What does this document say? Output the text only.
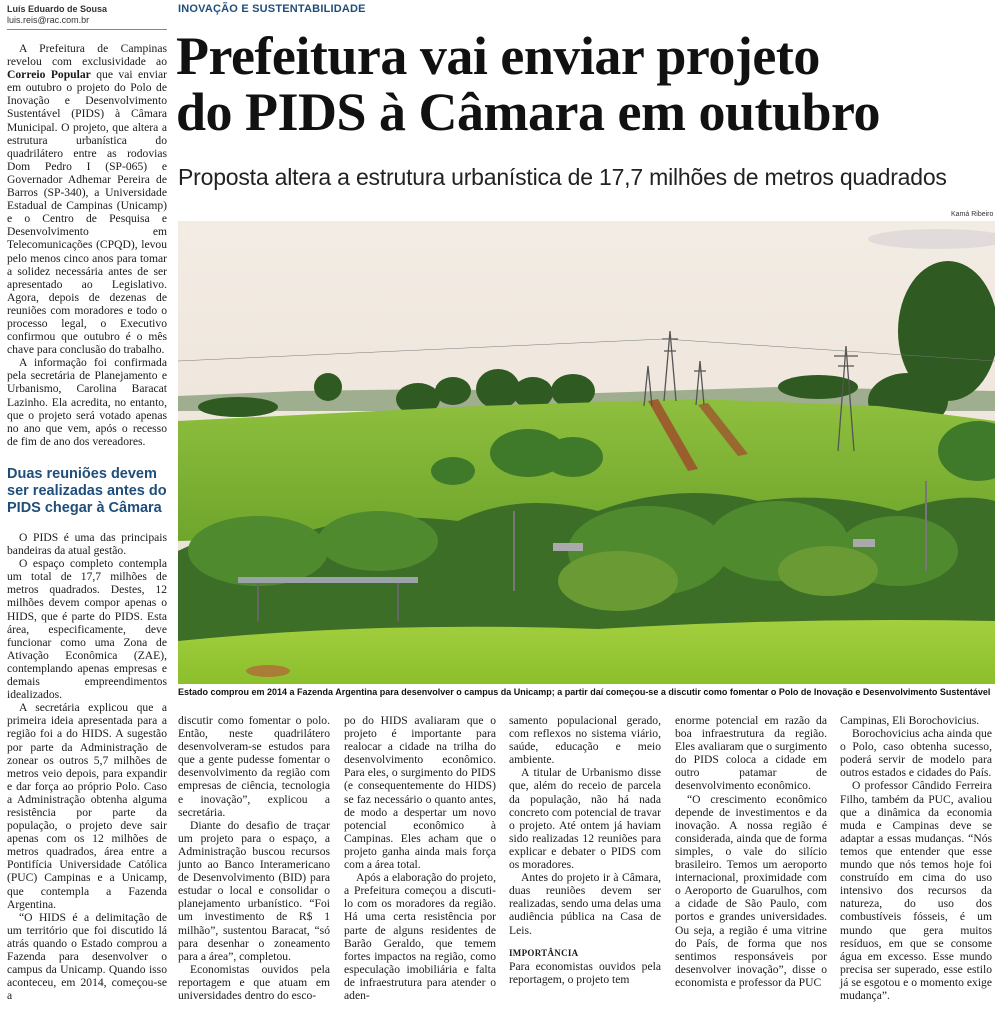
Luís Eduardo de Sousa
luis.reis@rac.com.br
INOVAÇÃO E SUSTENTABILIDADE
Prefeitura vai enviar projeto
do PIDS à Câmara em outubro
Proposta altera a estrutura urbanística de 17,7 milhões de metros quadrados
Kamá Ribeiro
Estado comprou em 2014 a Fazenda Argentina para desenvolver o campus da Unicamp; a partir daí começou-se a discutir como fomentar o Polo de Inovação e Desenvolvimento Sustentável

A Prefeitura de Campinas revelou com exclusividade ao Correio Popular que vai enviar em outubro o projeto do Polo de Inovação e Desenvolvimento Sustentável (PIDS) à Câmara Municipal. O projeto, que altera a estrutura urbanística do quadrilátero entre as rodovias Dom Pedro I (SP-065) e Governador Adhemar Pereira de Barros (SP-340), a Universidade Estadual de Campinas (Unicamp) e o Centro de Pesquisa e Desenvolvimento em Telecomunicações (CPQD), levou pelo menos cinco anos para tomar a solidez necessária antes de ser apresentado ao Legislativo. Agora, depois de dezenas de reuniões com moradores e todo o processo legal, o Executivo confirmou que outubro é o mês chave para conclusão do trabalho.

A informação foi confirmada pela secretária de Planejamento e Urbanismo, Carolina Baracat Lazinho. Ela acredita, no entanto, que o projeto será votado apenas no ano que vem, após o recesso de fim de ano dos vereadores.

Duas reuniões devem ser realizadas antes do PIDS chegar à Câmara

O PIDS é uma das principais bandeiras da atual gestão.

O espaço completo contempla um total de 17,7 milhões de metros quadrados. Destes, 12 milhões devem compor apenas o HIDS, que é parte do PIDS. Esta área, especificamente, deve funcionar como uma Zona de Ativação Econômica (ZAE), contemplando apenas empresas e demais empreendimentos idealizados.

A secretária explicou que a primeira ideia apresentada para a região foi a do HIDS. A sugestão por parte da Administração de zonear os outros 5,7 milhões de metros veio depois, para expandir e dar força ao próprio Polo. Caso a Administração obtenha alguma resistência por parte da população, o projeto deve sair apenas com os 12 milhões de metros quadrados, área entre a Pontifícia Universidade Católica (PUC) Campinas e a Unicamp, que contempla a Fazenda Argentina.

“O HIDS é a delimitação de um território que foi discutido lá atrás quando o Estado comprou a Fazenda para desenvolver o campus da Unicamp. Quando isso aconteceu, em 2014, começou-se a

discutir como fomentar o polo. Então, neste quadrilátero desenvolveram-se estudos para que a gente pudesse fomentar o desenvolvimento da região com empresas de ciência, tecnologia e inovação”, explicou a secretária.

Diante do desafio de traçar um projeto para o espaço, a Administração buscou recursos junto ao Banco Interamericano de Desenvolvimento (BID) para estudar o local e consolidar o planejamento urbanístico. “Foi um investimento de R$ 1 milhão”, sustentou Baracat, “só para desenhar o zoneamento para a área”, completou.

Economistas ouvidos pela reportagem e que atuam em universidades dentro do esco-

po do HIDS avaliaram que o projeto é importante para realocar a cidade na trilha do desenvolvimento econômico. Para eles, o surgimento do PIDS (e consequentemente do HIDS) se faz necessário o quanto antes, de modo a despertar um novo potencial econômico à Campinas. Eles acham que o projeto ganha ainda mais força com a área total.

Após a elaboração do projeto, a Prefeitura começou a discuti-lo com os moradores da região. Há uma certa resistência por parte de alguns residentes de Barão Geraldo, que temem fortes impactos na região, como especulação imobiliária e falta de infraestrutura para atender o aden-

samento populacional gerado, com reflexos no sistema viário, saúde, educação e meio ambiente.

A titular de Urbanismo disse que, além do receio de parcela da população, não há nada concreto com potencial de travar o projeto. Até ontem já haviam sido realizadas 12 reuniões para explicar e debater o PIDS com os moradores.

Antes do projeto ir à Câmara, duas reuniões devem ser realizadas, sendo uma delas uma audiência pública na Casa de Leis.

IMPORTÂNCIA

Para economistas ouvidos pela reportagem, o projeto tem

enorme potencial em razão da boa infraestrutura da região. Eles avaliaram que o surgimento do PIDS coloca a cidade em outro patamar de desenvolvimento econômico.

“O crescimento econômico depende de investimentos e da inovação. A nossa região é considerada, ainda que de forma simples, o vale do silício brasileiro. Temos um aeroporto internacional, proximidade com o Aeroporto de Guarulhos, com a cidade de São Paulo, com portos e grandes universidades. Ou seja, a região é uma vitrine do País, de forma que nos sentimos responsáveis por desenvolver inovação”, disse o economista e professor da PUC

Campinas, Eli Borochovicius.

Borochovicius acha ainda que o Polo, caso obtenha sucesso, poderá servir de modelo para outros estados e cidades do País.

O professor Cândido Ferreira Filho, também da PUC, avaliou que a dinâmica da economia muda e Campinas deve se adaptar a essas mudanças. “Nós temos que entender que esse mundo que nós temos hoje foi construído em cima do uso intensivo dos recursos da natureza, do uso dos combustíveis fósseis, é um mundo que gera muitos resíduos, em que se consome água em excesso. Esse mundo precisa ser superado, esse estilo já se esgotou e o momento exige mudança”.
